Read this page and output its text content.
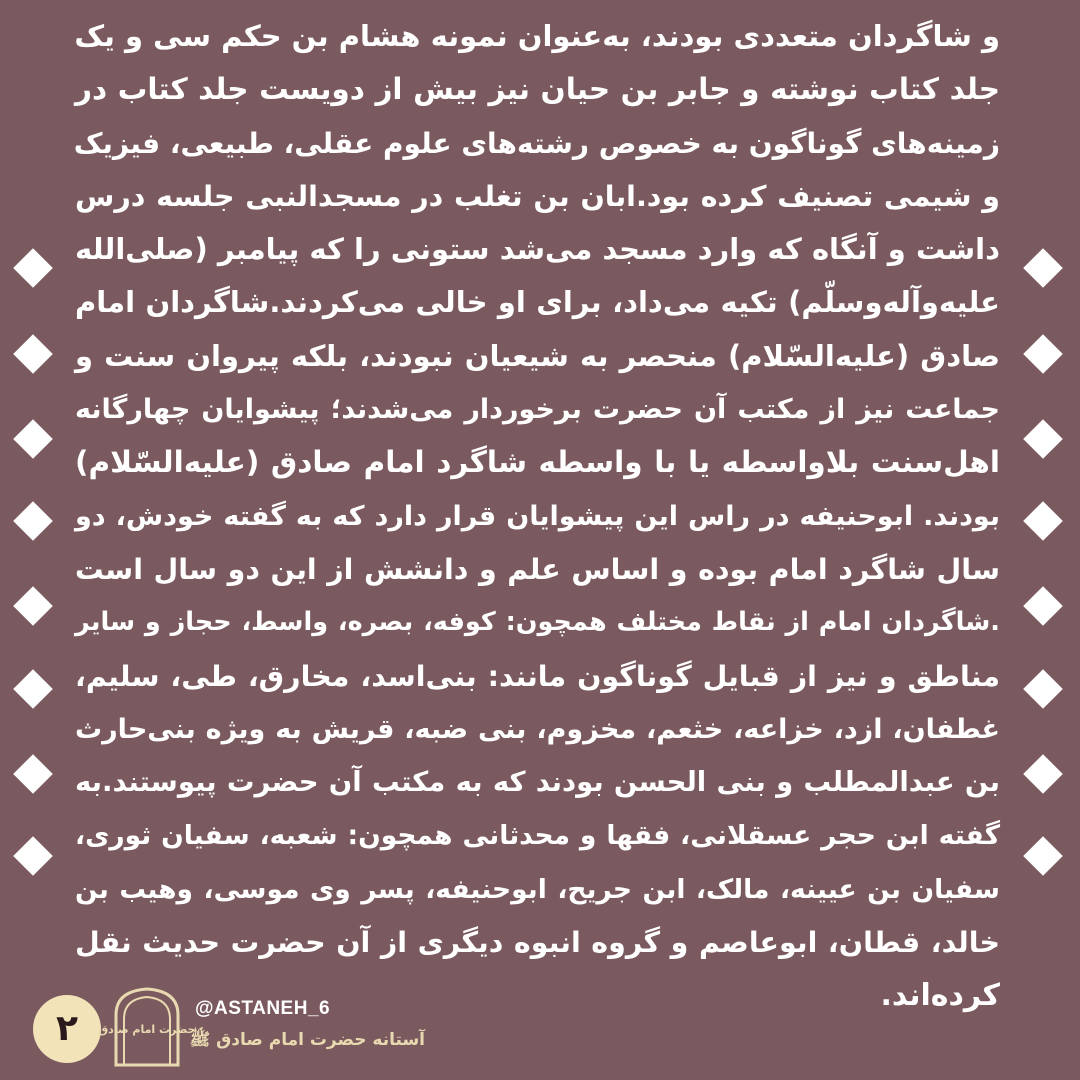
و شاگردان متعددی بودند، به‌عنوان نمونه هشام بن حکم سی و یک
جلد کتاب نوشته و جابر بن حیان نیز بیش از دویست جلد کتاب در
زمینه‌های گوناگون به خصوص رشته‌های علوم عقلی، طبیعی، فیزیک
و شیمی تصنیف کرده بود.ابان بن تغلب در مسجدالنبی جلسه درس
داشت و آنگاه که وارد مسجد می‌شد ستونی را که پیامبر (صلی‌الله
علیه‌وآله‌وسلّم) تکیه می‌داد، برای او خالی می‌کردند.شاگردان امام
صادق (علیه‌السّلام) منحصر به شیعیان نبودند، بلکه پیروان سنت و
جماعت نیز از مکتب آن حضرت برخوردار می‌شدند؛ پیشوایان چهارگانه
اهل‌سنت بلاواسطه یا با واسطه شاگرد امام صادق (علیه‌السّلام)
بودند. ابوحنیفه در راس این پیشوایان قرار دارد که به گفته خودش، دو
سال شاگرد امام بوده و اساس علم و دانشش از این دو سال است
.شاگردان امام از نقاط مختلف همچون: کوفه، بصره، واسط، حجاز و سایر
مناطق و نیز از قبایل گوناگون مانند: بنی‌اسد، مخارق، طی، سلیم،
غطفان، ازد، خزاعه، خثعم، مخزوم، بنی ضبه، قریش به ویژه بنی‌حارث
بن عبدالمطلب و بنی الحسن بودند که به مکتب آن حضرت پیوستند.به
گفته ابن حجر عسقلانی، فقها و محدثانی همچون: شعبه، سفیان ثوری،
سفیان بن عیینه، مالک، ابن جریح، ابوحنیفه، پسر وی موسی، وهیب بن
خالد، قطان، ابوعاصم و گروه انبوه دیگری از آن حضرت حدیث نقل
کرده‌اند.
۲	حضرت امام صادق
@ASTANEH_6
آستانه حضرت امام صادق ﷺ
